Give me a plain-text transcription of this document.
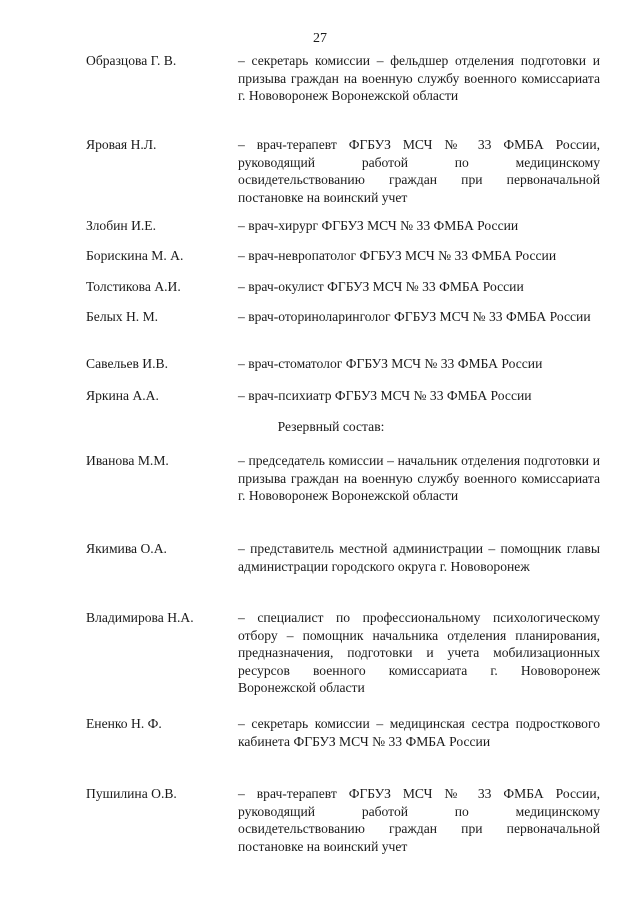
27
Образцова Г. В.	– секретарь комиссии – фельдшер отделения подготовки и призыва граждан на военную службу военного комиссариата г. Нововоронеж Воронежской области
Яровая Н.Л.	– врач-терапевт ФГБУЗ МСЧ № 33 ФМБА России, руководящий работой по медицинскому освидетельствованию граждан при первоначальной постановке на воинский учет
Злобин И.Е.	– врач-хирург ФГБУЗ МСЧ № 33 ФМБА России
Борискина М. А.	– врач-невропатолог ФГБУЗ МСЧ № 33 ФМБА России
Толстикова А.И.	– врач-окулист ФГБУЗ МСЧ № 33 ФМБА России
Белых Н. М.	– врач-оториноларинголог ФГБУЗ МСЧ № 33 ФМБА России
Савельев И.В.	– врач-стоматолог ФГБУЗ МСЧ № 33 ФМБА России
Яркина А.А.	– врач-психиатр ФГБУЗ МСЧ № 33 ФМБА России
Резервный состав:
Иванова М.М.	– председатель комиссии – начальник отделения подготовки и призыва граждан на военную службу военного комиссариата г. Нововоронеж Воронежской области
Якимива О.А.	– представитель местной администрации – помощник главы администрации городского округа г. Нововоронеж
Владимирова Н.А.	– специалист по профессиональному психологическому отбору – помощник начальника отделения планирования, предназначения, подготовки и учета мобилизационных ресурсов военного комиссариата г. Нововоронеж Воронежской области
Ененко Н. Ф.	– секретарь комиссии – медицинская сестра подросткового кабинета ФГБУЗ МСЧ № 33 ФМБА России
Пушилина О.В.	– врач-терапевт ФГБУЗ МСЧ № 33 ФМБА России, руководящий работой по медицинскому освидетельствованию граждан при первоначальной постановке на воинский учет
